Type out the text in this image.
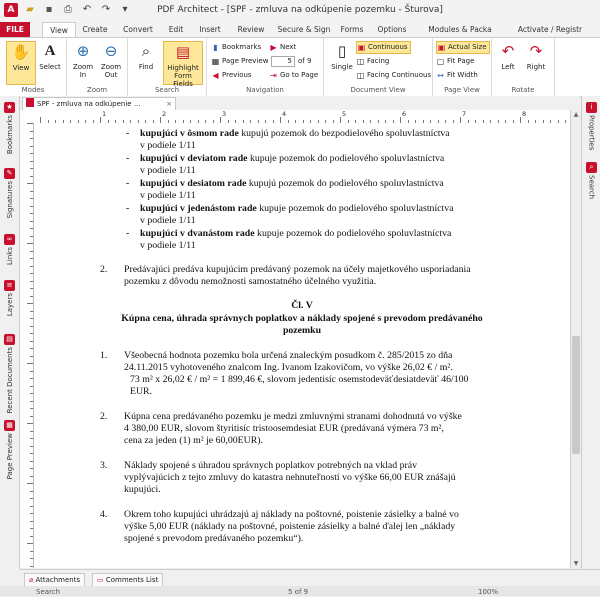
A	▰	▪	⎙	↶ ↷	▾	PDF Architect - [SPF - zmluva na odkúpenie pozemku - Šturova]
FILE	View	Create	Convert	Edit	Insert	Review	Secure & Sign	Forms	Options	Modules & Packa	Activate / Registr
✋
View
A
Select
Modes
⊕
Zoom In
⊖
Zoom Out
Zoom
⌕
Find
▤
Highlight Form Fields
Search
▮ Bookmarks
▦ Page Preview
◀ Previous
▶ Next
5 of 9
⇥ Go to Page
Navigation
▯
Single
▣ Continuous
◫ Facing
◫ Facing Continuous
Document View
▣ Actual Size
▢ Fit Page
↔ Fit Width
Page View
↶
Left
↷
Right
Rotate
★
Bookmarks
✎
Signatures
∞
Links
≡
Layers
▤
Recent Documents
▦
Page Preview
i
Properties
⌕
Search
SPF - zmluva na odkúpenie ...	×
1	2	3	4	5	6	7	8
- kupujúci v ôsmom rade kupujú pozemok do bezpodielového spoluvlastníctva
v podiele 1/11
- kupujúci v deviatom rade kupuje pozemok do podielového spoluvlastníctva
v podiele 1/11
- kupujúci v desiatom rade kupujú pozemok do podielového spoluvlastníctva
v podiele 1/11
- kupujúci v jedenástom rade kupuje pozemok do podielového spoluvlastníctva
v podiele 1/11
- kupujúci v dvanástom rade kupuje pozemok do podielového spoluvlastníctva
v podiele 1/11
2. Predávajúci predáva kupujúcim predávaný pozemok na účely majetkového usporiadania
pozemku z dôvodu nemožnosti samostatného účelného využitia.
Čl. V
Kúpna cena, úhrada správnych poplatkov a náklady spojené s prevodom predávaného
pozemku
1. Všeobecná hodnota pozemku bola určená znaleckým posudkom č. 285/2015 zo dňa
24.11.2015 vyhotoveného znalcom Ing. Ivanom Izakovičom, vo výške 26,02 € / m².
73 m² x 26,02 € / m² = 1 899,46 €, slovom jedentisíc osemstodeväťdesiatdeväť 46/100
EUR.
2. Kúpna cena predávaného pozemku je medzi zmluvnými stranami dohodnutá vo výške
4 380,00 EUR, slovom štyritisíc tristoosemdesiat EUR (predávaná výmera 73 m²,
cena za jeden (1) m² je 60,00EUR).
3. Náklady spojené s úhradou správnych poplatkov potrebných na vklad práv
vyplývajúcich z tejto zmluvy do katastra nehnuteľností vo výške 66,00 EUR znášajú
kupujúci.
4. Okrem toho kupujúci uhrádzajú aj náklady na poštovné, poistenie zásielky a balné vo
výške 5,00 EUR (náklady na poštovné, poistenie zásielky a balné ďalej len „náklady
spojené s prevodom predávaného pozemku“).
▲
▼
⌀ Attachments	▭ Comments List
Search	5 of 9	100%
